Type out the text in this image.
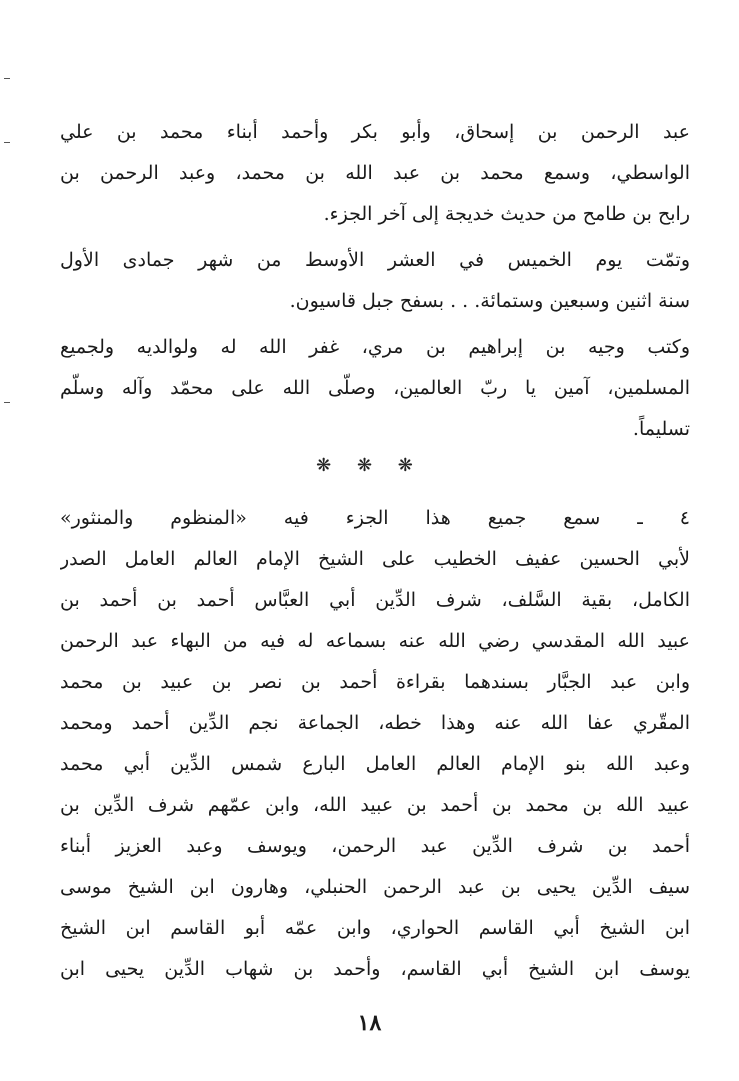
عبد الرحمن بن إسحاق، وأبو بكر وأحمد أبناء محمد بن علي
الواسطي، وسمع محمد بن عبد الله بن محمد، وعبد الرحمن بن
رابح بن طامح من حديث خديجة إلى آخر الجزء.
وتمّت يوم الخميس في العشر الأوسط من شهر جمادى الأول
سنة اثنين وسبعين وستمائة. . . بسفح جبل قاسيون.
وكتب وجيه بن إبراهيم بن مري، غفر الله له ولوالديه ولجميع
المسلمين، آمين يا ربّ العالمين، وصلّى الله على محمّد وآله وسلّم
تسليماً.
❋ ❋ ❋
٤ ـ سمع جميع هذا الجزء فيه «المنظوم والمنثور»
لأبي الحسين عفيف الخطيب على الشيخ الإمام العالم العامل الصدر
الكامل، بقية السَّلف، شرف الدِّين أبي العبَّاس أحمد بن أحمد بن
عبيد الله المقدسي رضي الله عنه بسماعه له فيه من البهاء عبد الرحمن
وابن عبد الجبَّار بسندهما بقراءة أحمد بن نصر بن عبيد بن محمد
المقّري عفا الله عنه وهذا خطه، الجماعة نجم الدِّين أحمد ومحمد
وعبد الله بنو الإمام العالم العامل البارع شمس الدِّين أبي محمد
عبيد الله بن محمد بن أحمد بن عبيد الله، وابن عمّهم شرف الدِّين بن
أحمد بن شرف الدِّين عبد الرحمن، ويوسف وعبد العزيز أبناء
سيف الدِّين يحيى بن عبد الرحمن الحنبلي، وهارون ابن الشيخ موسى
ابن الشيخ أبي القاسم الحواري، وابن عمّه أبو القاسم ابن الشيخ
يوسف ابن الشيخ أبي القاسم، وأحمد بن شهاب الدِّين يحيى ابن
١٨
